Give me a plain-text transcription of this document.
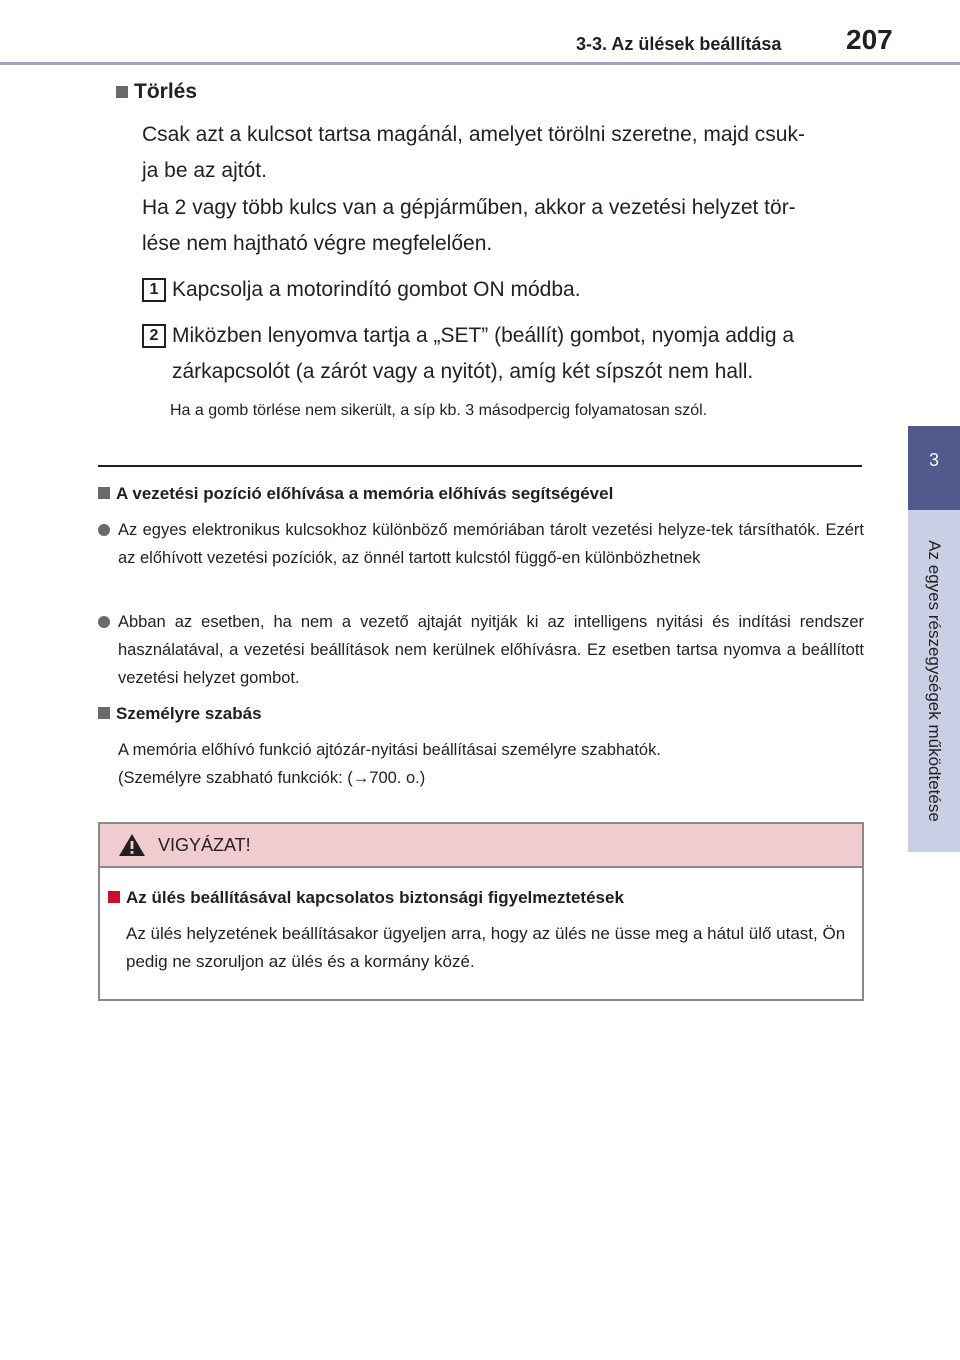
3-3. Az ülések beállítása 207
3
Az egyes részegységek működtetése
Törlés
Csak azt a kulcsot tartsa magánál, amelyet törölni szeretne, majd csuk-
ja be az ajtót.
Ha 2 vagy több kulcs van a gépjárműben, akkor a vezetési helyzet tör-
lése nem hajtható végre megfelelően.
1 Kapcsolja a motorindító gombot ON módba.
2 Miközben lenyomva tartja a „SET” (beállít) gombot, nyomja addig a
zárkapcsolót (a zárót vagy a nyitót), amíg két sípszót nem hall.
Ha a gomb törlése nem sikerült, a síp kb. 3 másodpercig folyamatosan szól.
A vezetési pozíció előhívása a memória előhívás segítségével
Az egyes elektronikus kulcsokhoz különböző memóriában tárolt vezetési helyze-tek társíthatók. Ezért az előhívott vezetési pozíciók, az önnél tartott kulcstól függő-en különbözhetnek
Abban az esetben, ha nem a vezető ajtaját nyitják ki az intelligens nyitási és indítási rendszer használatával, a vezetési beállítások nem kerülnek előhívásra. Ez esetben tartsa nyomva a beállított vezetési helyzet gombot.
Személyre szabás
A memória előhívó funkció ajtózár-nyitási beállításai személyre szabhatók.
(Személyre szabható funkciók: (→700. o.)
VIGYÁZAT!
Az ülés beállításával kapcsolatos biztonsági figyelmeztetések
Az ülés helyzetének beállításakor ügyeljen arra, hogy az ülés ne üsse meg a hátul ülő utast, Ön pedig ne szoruljon az ülés és a kormány közé.
